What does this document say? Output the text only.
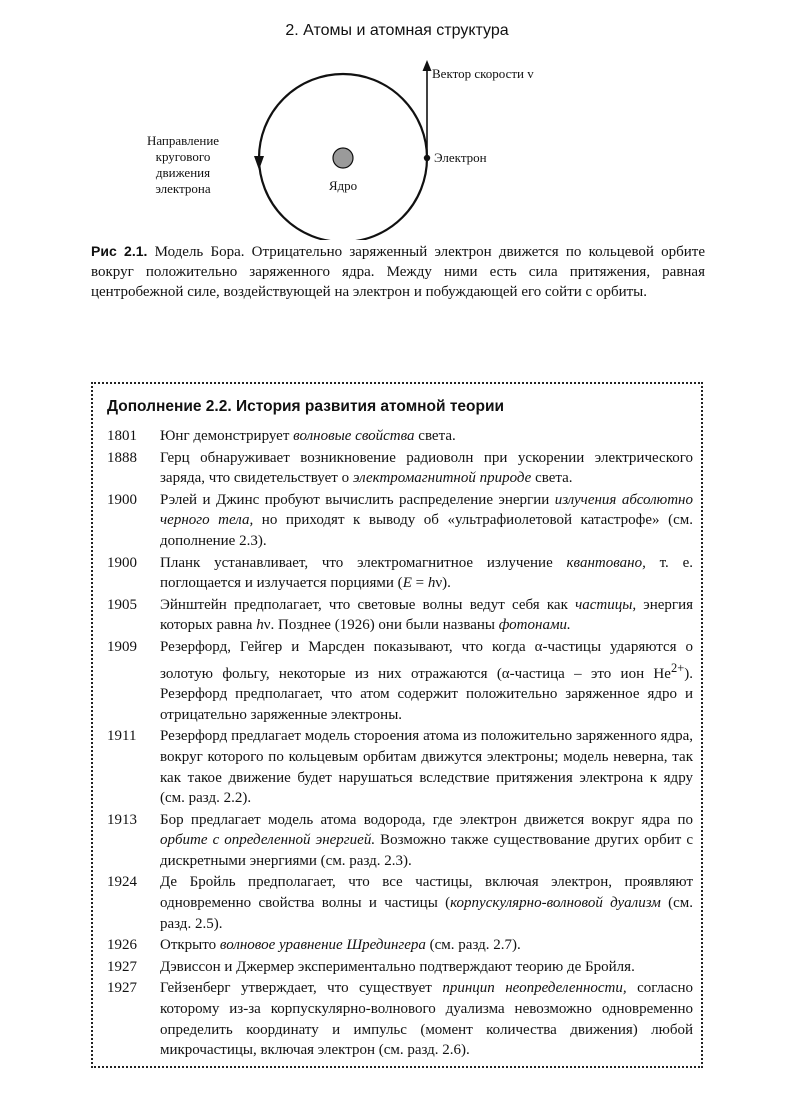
2. Атомы и атомная структура
Направление кругового движения электрона
Вектор скорости v
Электрон
Ядро
Рис 2.1. Модель Бора. Отрицательно заряженный электрон движется по кольцевой орбите вокруг положительно заряженного ядра. Между ними есть сила притяжения, равная центробежной силе, воздействующей на электрон и побуждающей его сойти с орбиты.
Дополнение 2.2. История развития атомной теории
1801	Юнг демонстрирует волновые свойства света.
1888	Герц обнаруживает возникновение радиоволн при ускорении электрического заряда, что свидетельствует о электромагнитной природе света.
1900	Рэлей и Джинс пробуют вычислить распределение энергии излучения абсолютно черного тела, но приходят к выводу об «ультрафиолетовой катастрофе» (см. дополнение 2.3).
1900	Планк устанавливает, что электромагнитное излучение квантовано, т. е. поглощается и излучается порциями (E = hν).
1905	Эйнштейн предполагает, что световые волны ведут себя как частицы, энергия которых равна hν. Позднее (1926) они были названы фотонами.
1909	Резерфорд, Гейгер и Марсден показывают, что когда α-частицы ударяются о золотую фольгу, некоторые из них отражаются (α-частица – это ион $He^{2+}$). Резерфорд предполагает, что атом содержит положительно заряженное ядро и отрицательно заряженные электроны.
1911	Резерфорд предлагает модель стороения атома из положительно заряженного ядра, вокруг которого по кольцевым орбитам движутся электроны; модель неверна, так как такое движение будет нарушаться вследствие притяжения электрона к ядру (см. разд. 2.2).
1913	Бор предлагает модель атома водорода, где электрон движется вокруг ядра по орбите с определенной энергией. Возможно также существование других орбит с дискретными энергиями (см. разд. 2.3).
1924	Де Бройль предполагает, что все частицы, включая электрон, проявляют одновременно свойства волны и частицы (корпускулярно-волновой дуализм (см. разд. 2.5).
1926	Открыто волновое уравнение Шредингера (см. разд. 2.7).
1927	Дэвиссон и Джермер экспериментально подтверждают теорию де Бройля.
1927	Гейзенберг утверждает, что существует принцип неопределенности, согласно которому из-за корпускулярно-волнового дуализма невозможно одновременно определить координату и импульс (момент количества движения) любой микрочастицы, включая электрон (см. разд. 2.6).
